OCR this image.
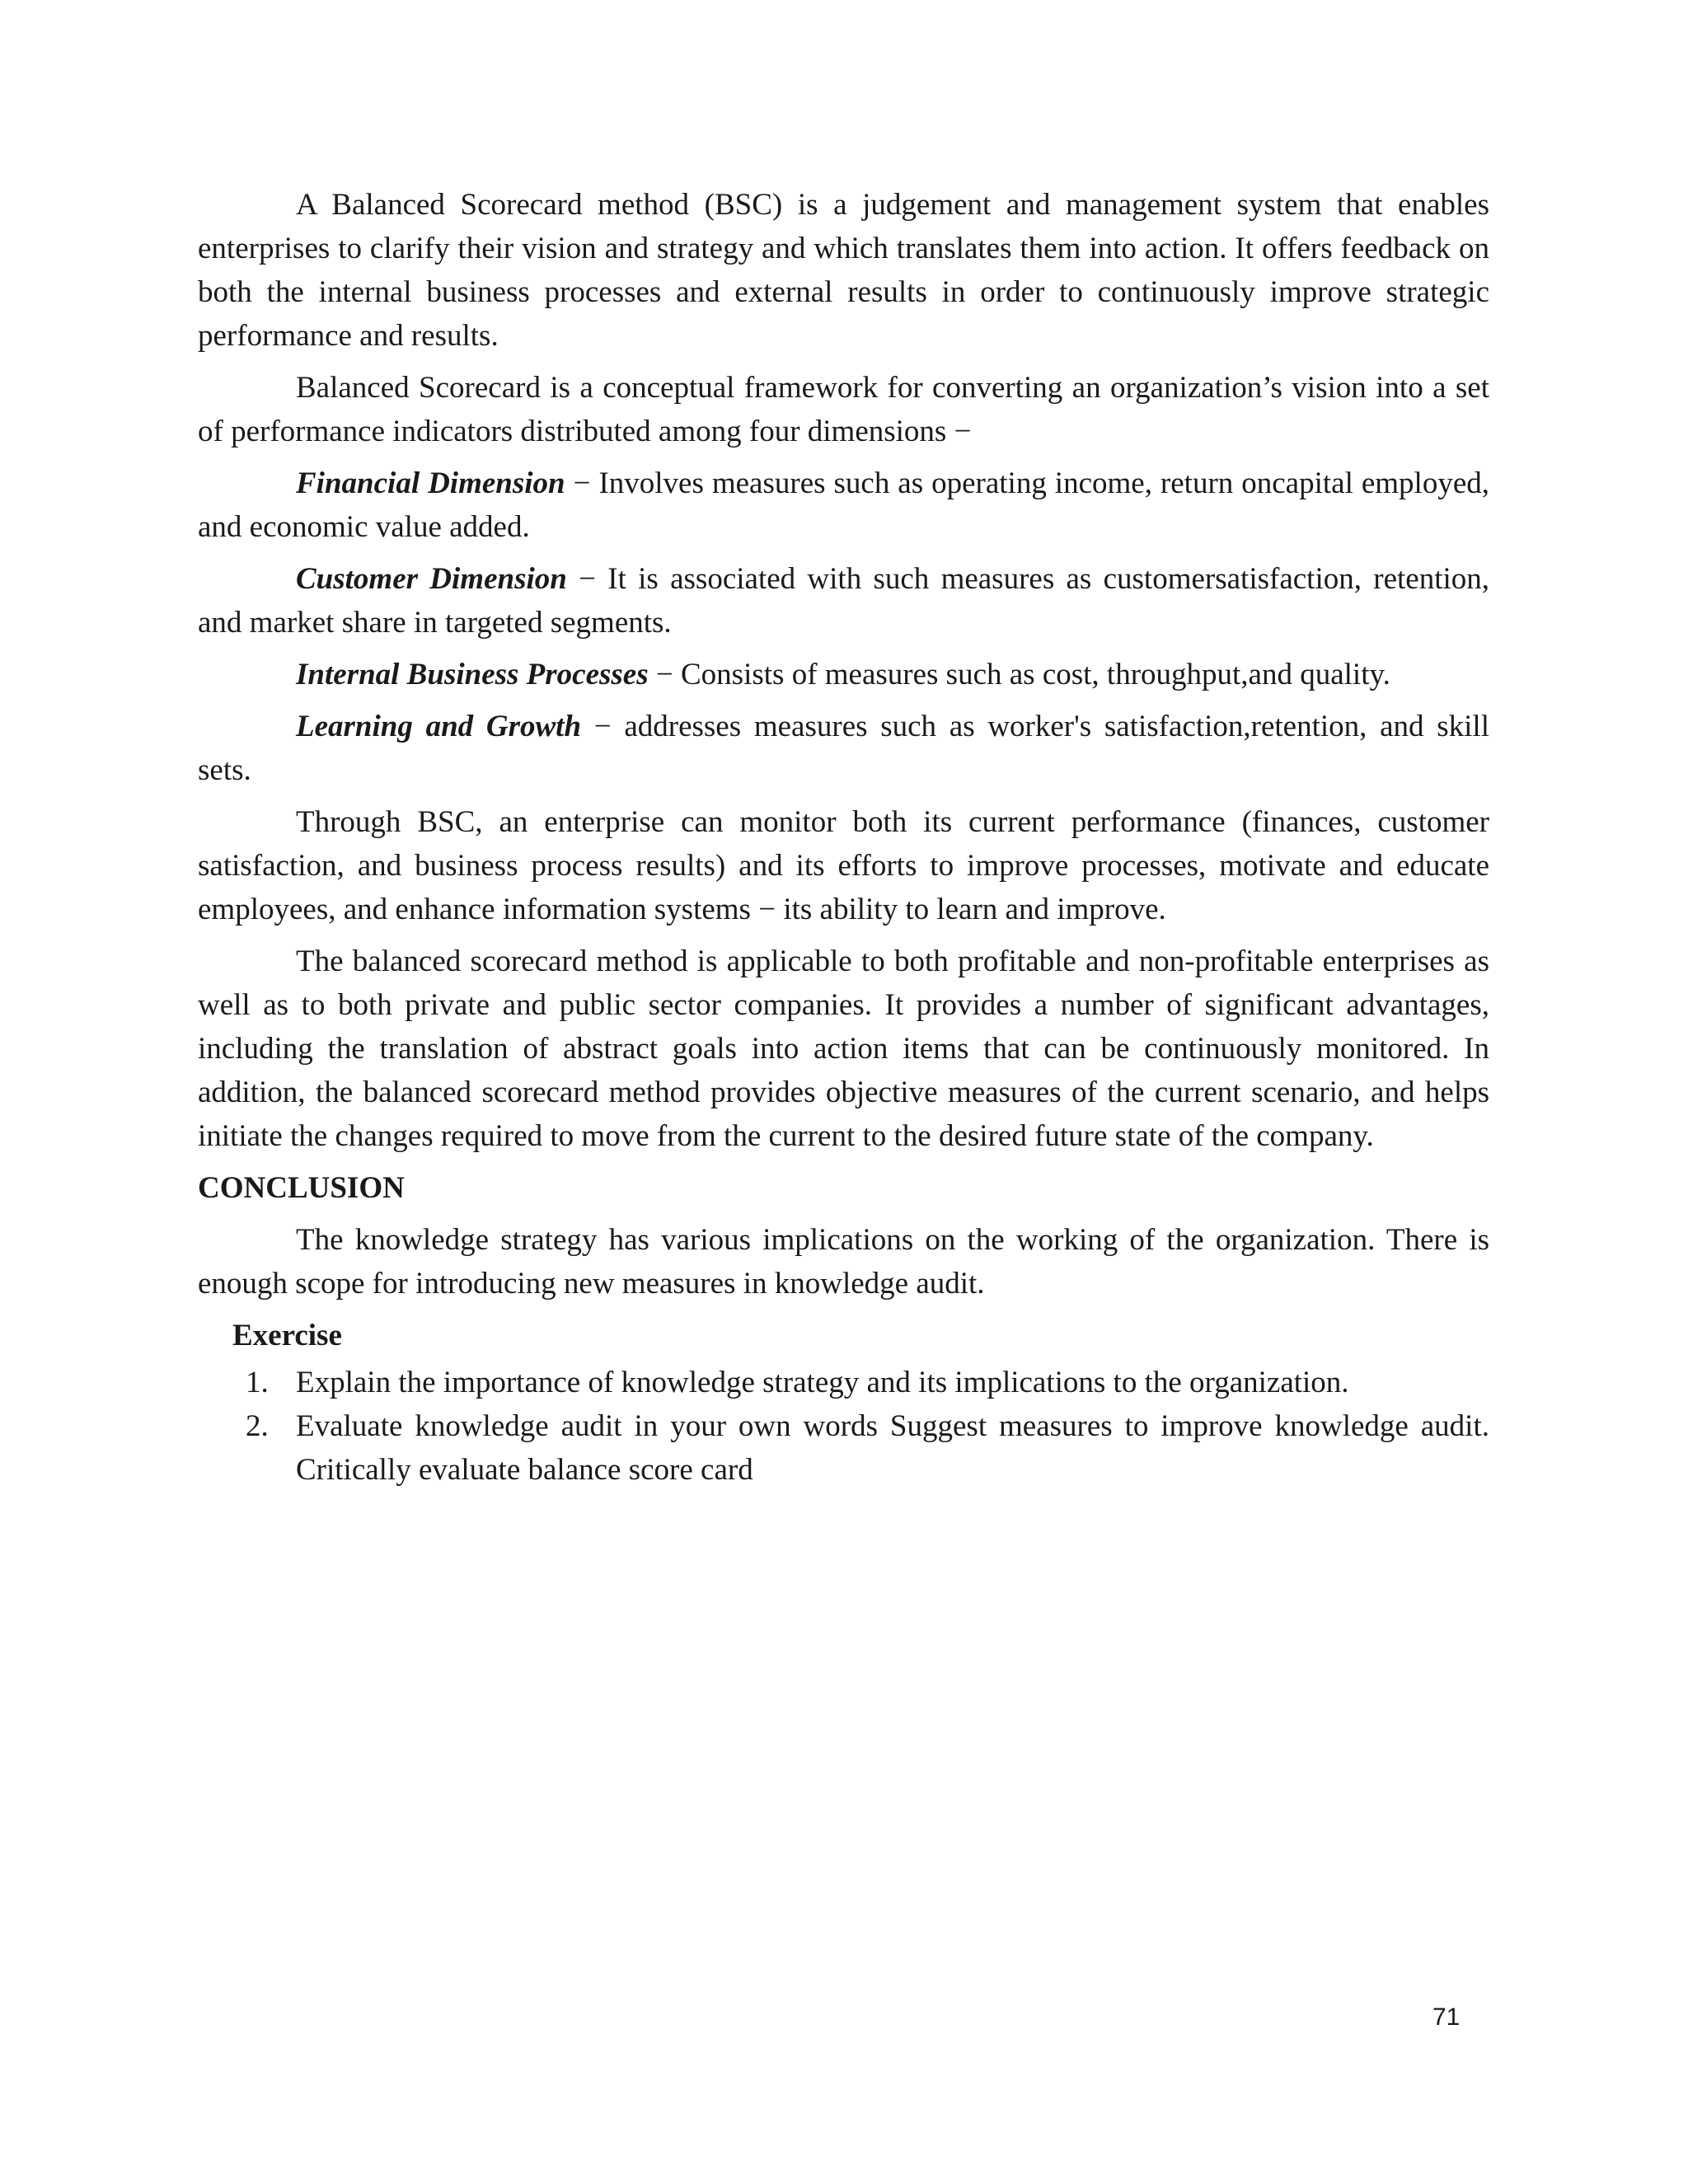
A Balanced Scorecard method (BSC) is a judgement and management system that enables enterprises to clarify their vision and strategy and which translates them into action. It offers feedback on both the internal business processes and external results in order to continuously improve strategic performance and results.

Balanced Scorecard is a conceptual framework for converting an organization’s vision into a set of performance indicators distributed among four dimensions −

Financial Dimension − Involves measures such as operating income, return oncapital employed, and economic value added.

Customer Dimension − It is associated with such measures as customersatisfaction, retention, and market share in targeted segments.

Internal Business Processes − Consists of measures such as cost, throughput,and quality.

Learning and Growth − addresses measures such as worker's satisfaction,retention, and skill sets.

Through BSC, an enterprise can monitor both its current performance (finances, customer satisfaction, and business process results) and its efforts to improve processes, motivate and educate employees, and enhance information systems − its ability to learn and improve.

The balanced scorecard method is applicable to both profitable and non-profitable enterprises as well as to both private and public sector companies. It provides a number of significant advantages, including the translation of abstract goals into action items that can be continuously monitored. In addition, the balanced scorecard method provides objective measures of the current scenario, and helps initiate the changes required to move from the current to the desired future state of the company.

CONCLUSION

The knowledge strategy has various implications on the working of the organization. There is enough scope for introducing new measures in knowledge audit.

Exercise
1. Explain the importance of knowledge strategy and its implications to the organization.
2. Evaluate knowledge audit in your own words Suggest measures to improve knowledge audit. Critically evaluate balance score card
71
